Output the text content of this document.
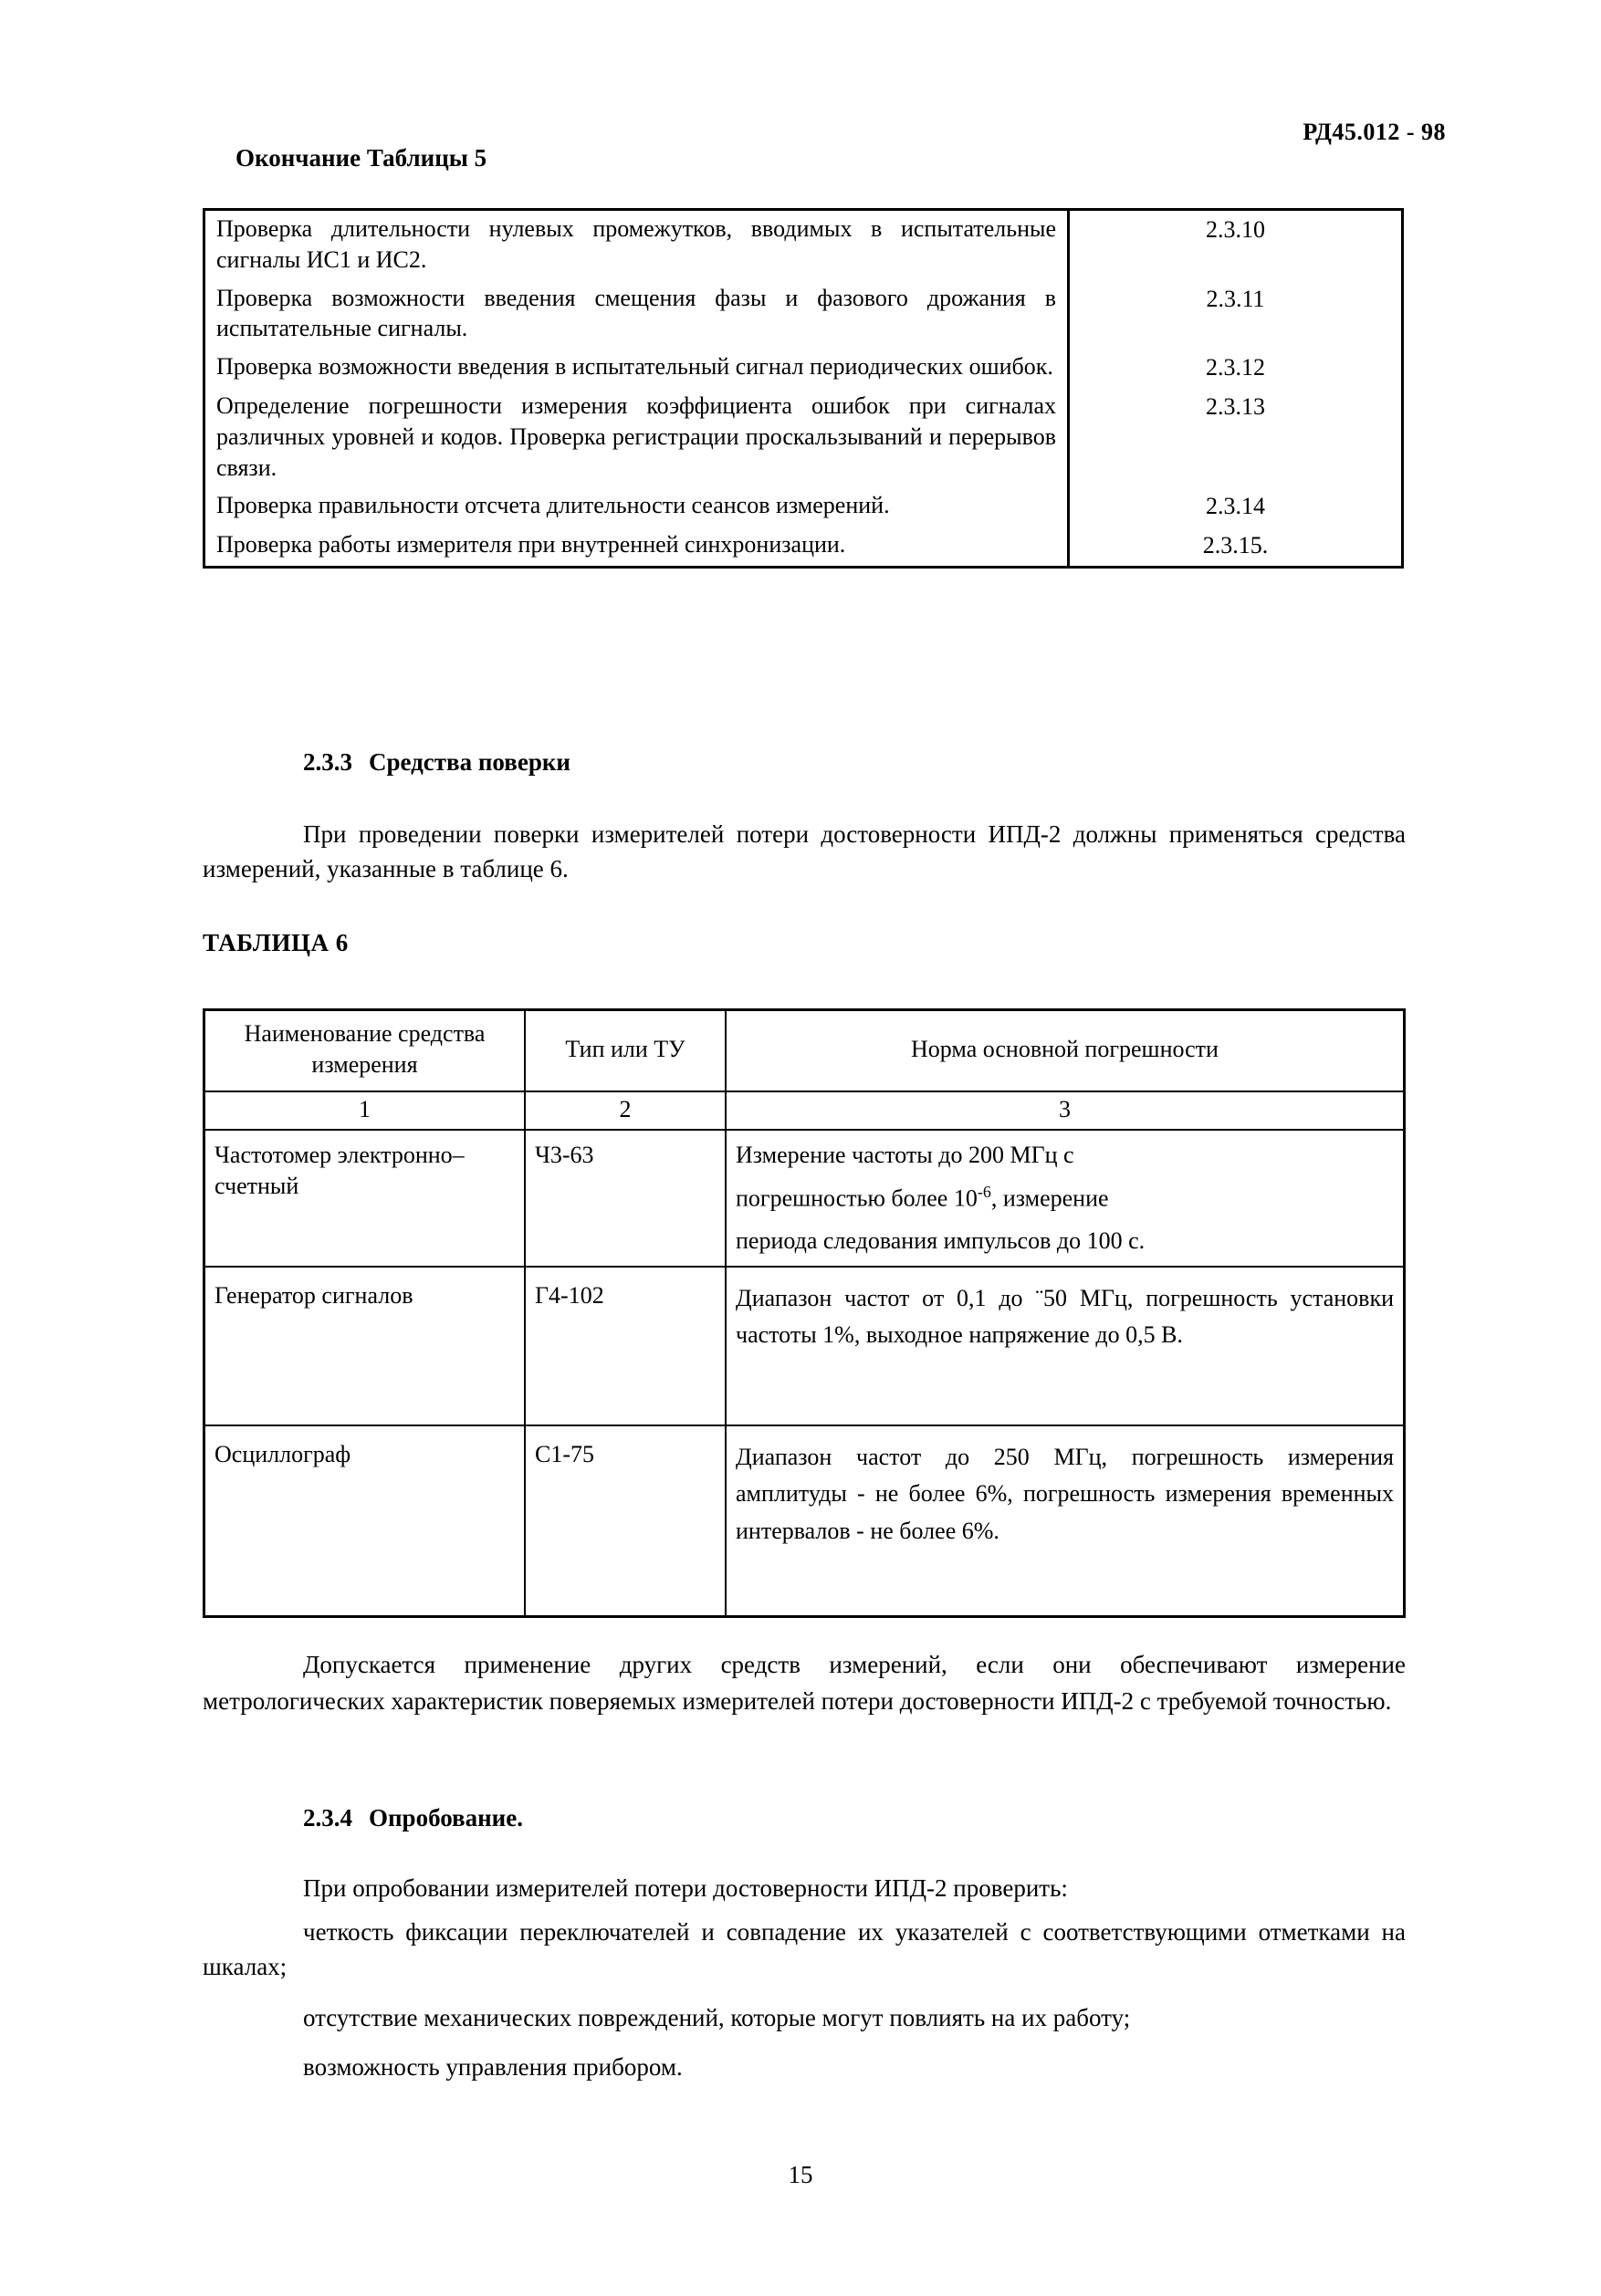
РД45.012 - 98
Окончание Таблицы 5
Проверка длительности нулевых промежутков, вводимых в испытательные сигналы ИС1 и ИС2.	2.3.10
Проверка возможности введения смещения фазы и фазового дрожания в испытательные сигналы.	2.3.11
Проверка возможности введения в испытательный сигнал периодических ошибок.	2.3.12
Определение погрешности измерения коэффициента ошибок при сигналах различных уровней и кодов. Проверка регистрации проскальзываний и перерывов связи.	2.3.13
Проверка правильности отсчета длительности сеансов измерений.	2.3.14
Проверка работы измерителя при внутренней синхронизации.	2.3.15.
2.3.3 Средства поверки
При проведении поверки измерителей потери достоверности ИПД-2 должны применяться средства измерений, указанные в таблице 6.
ТАБЛИЦА 6
Наименование средства измерения	Тип или ТУ	Норма основной погрешности
1	2	3
Частотомер электронно–счетный	Ч3-63	Измерение частоты до 200 МГц с
погрешностью более $10^{-6}$, измерение
периода следования импульсов до 100 с.

Генератор сигналов	Г4-102	Диапазон частот от 0,1 до ¨50 МГц, погрешность установки частоты 1%, выходное напряжение до 0,5 В.
Осциллограф	С1-75	Диапазон частот до 250 МГц, погрешность измерения амплитуды - не более 6%, погрешность измерения временных интервалов - не более 6%.
Допускается применение других средств измерений, если они обеспечивают измерение метрологических характеристик поверяемых измерителей потери достоверности ИПД-2 с требуемой точностью.
2.3.4 Опробование.
При опробовании измерителей потери достоверности ИПД-2 проверить:
четкость фиксации переключателей и совпадение их указателей с соответствующими отметками на шкалах;
отсутствие механических повреждений, которые могут повлиять на их работу;
возможность управления прибором.
15
